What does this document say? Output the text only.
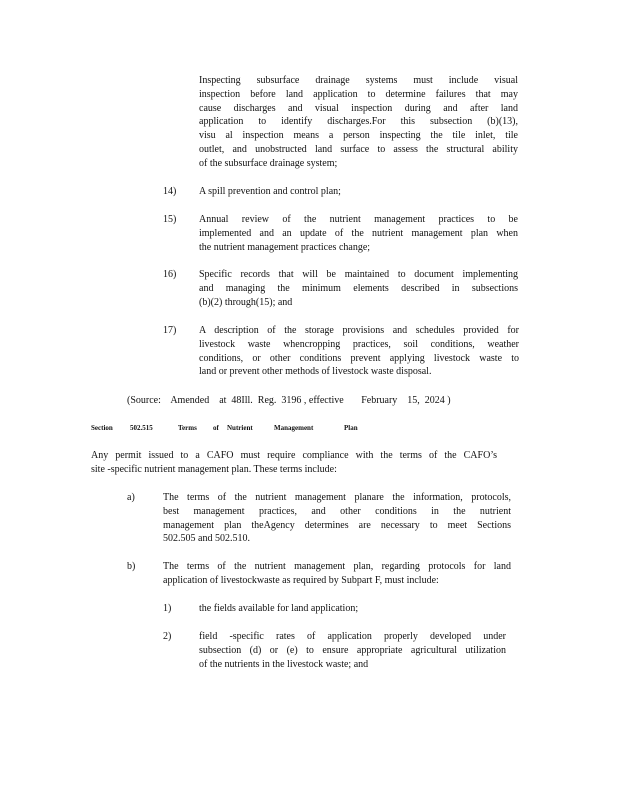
Inspecting subsurface drainage systems must include visual
inspection before land application to determine failures that may
cause discharges and visual inspection during and after land
application to identify discharges.For this subsection (b)(13),
visu al inspection means a person inspecting the tile inlet, tile
outlet, and unobstructed land surface to assess the structural ability
of the subsurface drainage system;
14) A spill prevention and control plan;
15) Annual review of the nutrient management practices to be
implemented and an update of the nutrient management plan when
the nutrient management practices change;
16) Specific records that will be maintained to document implementing
and managing the minimum elements described in subsections
(b)(2) through(15); and
17) A description of the storage provisions and schedules provided for
livestock waste whencropping practices, soil conditions, weather
conditions, or other conditions prevent applying livestock waste to
land or prevent other methods of livestock waste disposal.
(Source:    Amended    at  48Ill.  Reg.  3196 , effective       February    15,  2024 )
Section 502.515	Terms of Nutrient	Management	Plan
Any permit issued to a CAFO must require compliance with the terms of the CAFO’s
site -specific nutrient management plan. These terms include:
a)	The terms of the nutrient management planare the information, protocols,
best management practices, and other conditions in the nutrient
management plan theAgency determines are necessary to meet Sections
502.505 and 502.510.
b)	The terms of the nutrient management plan, regarding protocols for land
application of livestockwaste as required by Subpart F, must include:
1)	the fields available for land application;
2)	field -specific rates of application properly developed under
subsection (d) or (e) to ensure appropriate agricultural utilization
of the nutrients in the livestock waste; and
